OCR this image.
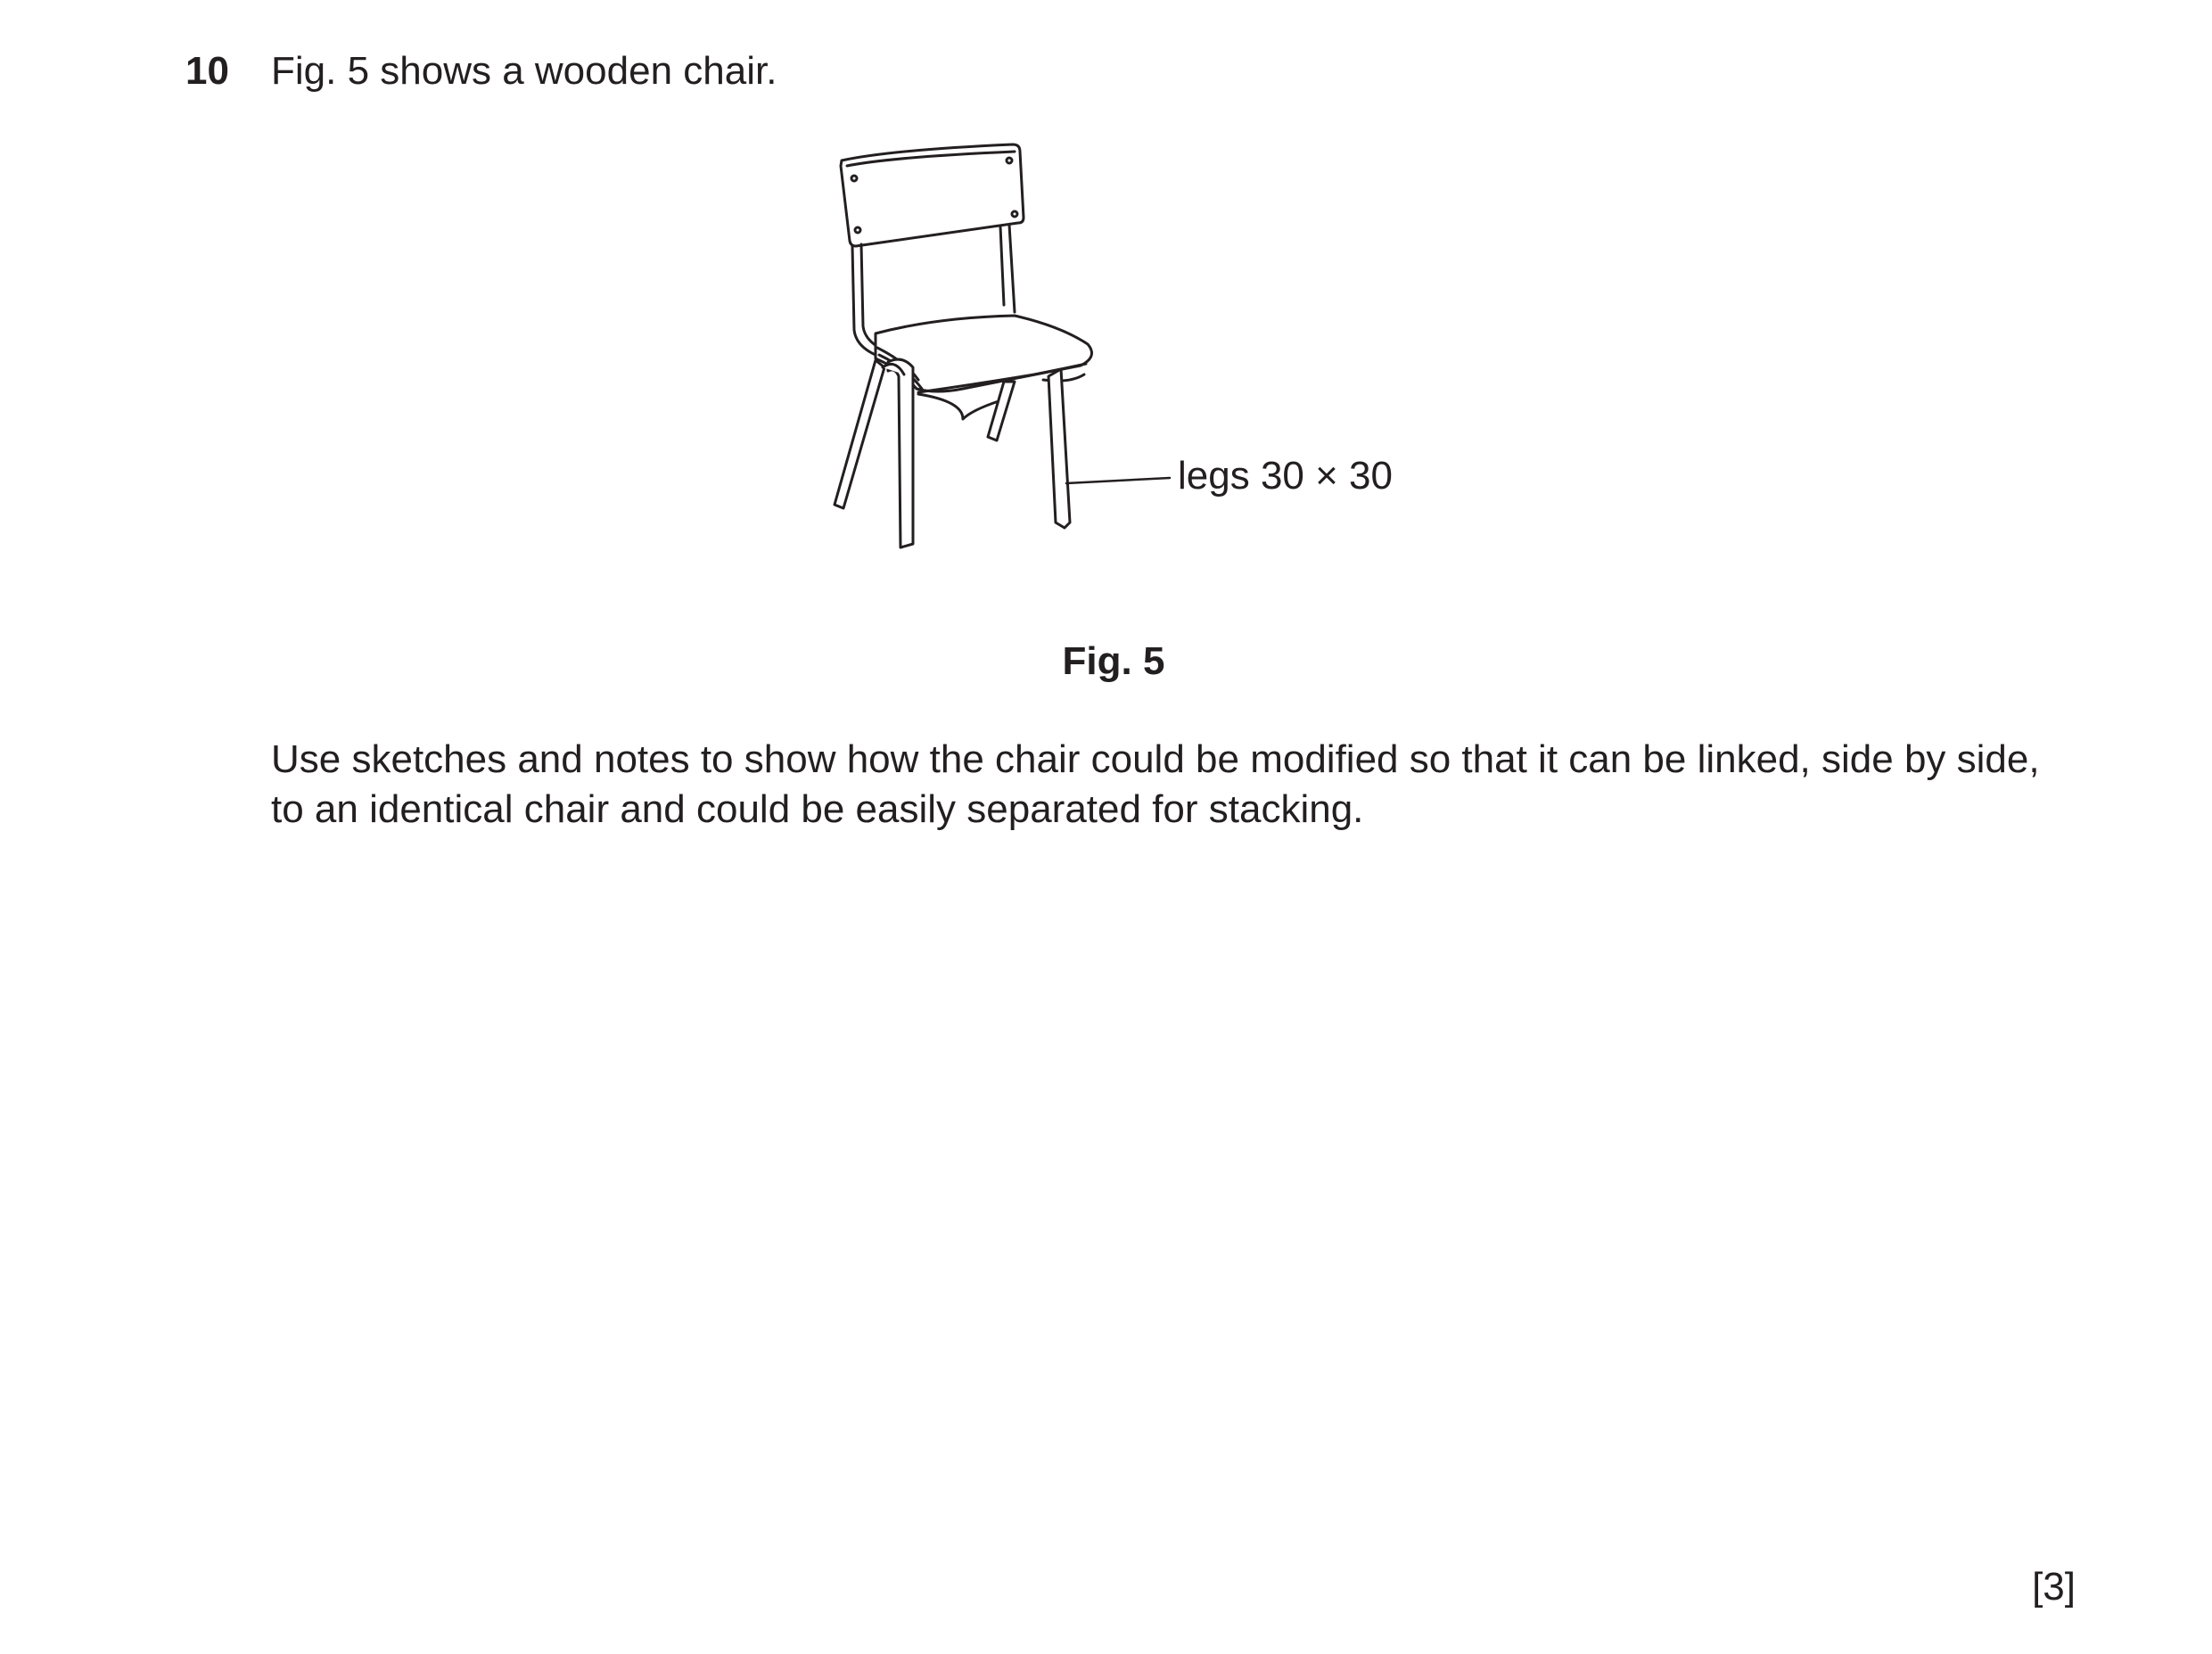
10 Fig. 5 shows a wooden chair.
legs 30 × 30
Fig. 5
Use sketches and notes to show how the chair could be modified so that it can be linked, side by side, to an identical chair and could be easily separated for stacking.
[3]
